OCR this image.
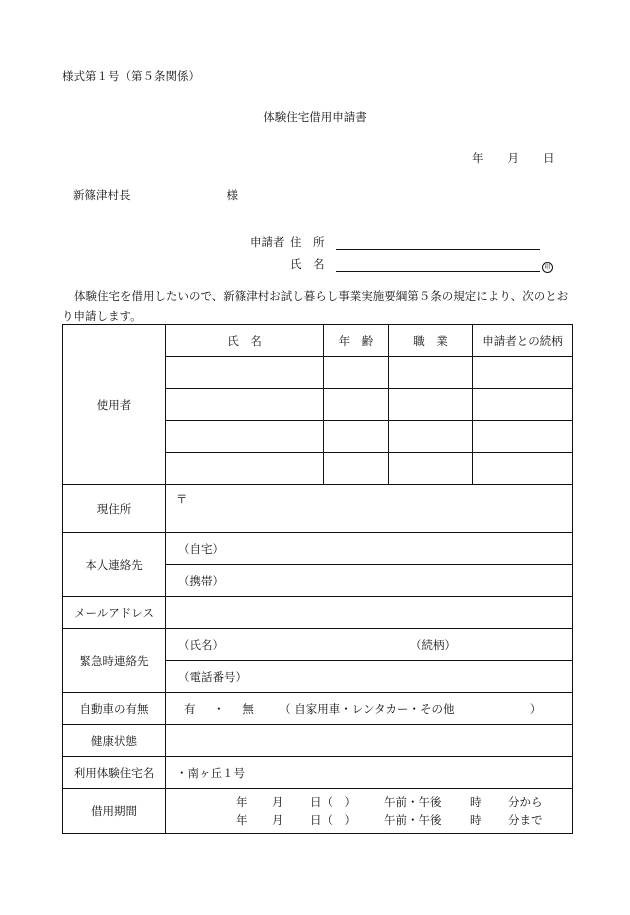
様式第１号（第５条関係）
体験住宅借用申請書
年 月 日
新篠津村長	様
申請者 住　所
氏　名	印
体験住宅を借用したいので、新篠津村お試し暮らし事業実施要綱第５条の規定により、次のとおり申請します。
使用者	氏　名	年　齢	職　業	申請者との続柄

現住所	〒			
本人連絡先	（自宅）			
	（携帯）			
メールアドレス				
緊急時連絡先	（氏名） （続柄）			
	（電話番号）			
自動車の有無	有 ・ 無 （ 自家用車・レンタカー・その他 ）			
健康状態				
利用体験住宅名	・南ヶ丘１号			
借用期間	年 月 日（　） 午前・午後 時 分から
年 月 日（　） 午前・午後 時 分まで			
